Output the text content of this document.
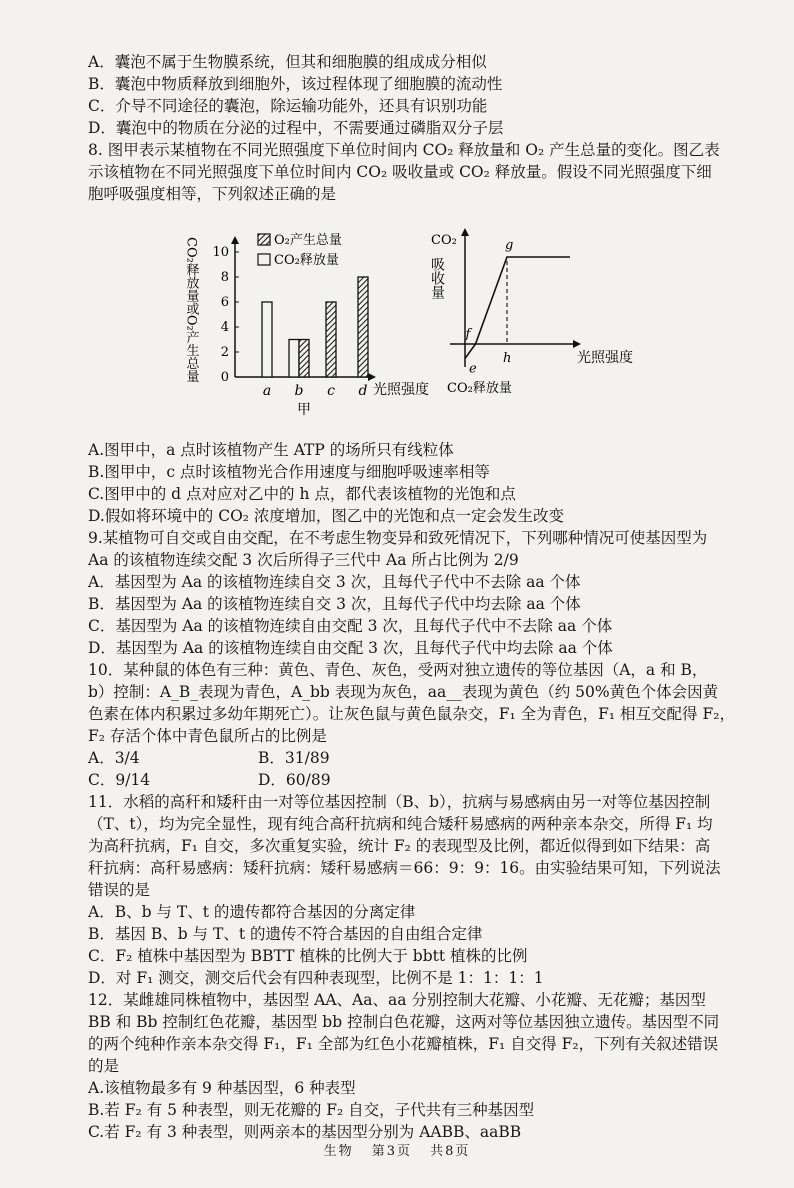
A．囊泡不属于生物膜系统，但其和细胞膜的组成成分相似
B．囊泡中物质释放到细胞外，该过程体现了细胞膜的流动性
C．介导不同途径的囊泡，除运输功能外，还具有识别功能
D．囊泡中的物质在分泌的过程中，不需要通过磷脂双分子层
8. 图甲表示某植物在不同光照强度下单位时间内 CO₂ 释放量和 O₂ 产生总量的变化。图乙表
示该植物在不同光照强度下单位时间内 CO₂ 吸收量或 CO₂ 释放量。假设不同光照强度下细
胞呼吸强度相等，下列叙述正确的是
CO₂释放量或O₂产生总量 0
2
4
6
8
10
a b c d 光照强度
甲
O₂产生总量
CO₂释放量
CO₂
吸收量
e
f
g
h	光照强度
CO₂释放量
A.图甲中，a 点时该植物产生 ATP 的场所只有线粒体
B.图甲中，c 点时该植物光合作用速度与细胞呼吸速率相等
C.图甲中的 d 点对应对乙中的 h 点，都代表该植物的光饱和点
D.假如将环境中的 CO₂ 浓度增加，图乙中的光饱和点一定会发生改变
9.某植物可自交或自由交配，在不考虑生物变异和致死情况下，下列哪种情况可使基因型为
Aa 的该植物连续交配 3 次后所得子三代中 Aa 所占比例为 2/9
A．基因型为 Aa 的该植物连续自交 3 次，且每代子代中不去除 aa 个体
B．基因型为 Aa 的该植物连续自交 3 次，且每代子代中均去除 aa 个体
C．基因型为 Aa 的该植物连续自由交配 3 次，且每代子代中不去除 aa 个体
D．基因型为 Aa 的该植物连续自由交配 3 次，且每代子代中均去除 aa 个体
10．某种鼠的体色有三种：黄色、青色、灰色，受两对独立遗传的等位基因（A，a 和 B，
b）控制：A_B_表现为青色，A_bb 表现为灰色，aa__表现为黄色（约 50%黄色个体会因黄
色素在体内积累过多幼年期死亡）。让灰色鼠与黄色鼠杂交，F₁ 全为青色，F₁ 相互交配得 F₂，
F₂ 存活个体中青色鼠所占的比例是
A．3/4	B．31/89
C．9/14	D．60/89
11．水稻的高秆和矮秆由一对等位基因控制（B、b），抗病与易感病由另一对等位基因控制
（T、t），均为完全显性，现有纯合高秆抗病和纯合矮秆易感病的两种亲本杂交，所得 F₁ 均
为高秆抗病，F₁ 自交，多次重复实验，统计 F₂ 的表现型及比例，都近似得到如下结果：高
秆抗病：高秆易感病：矮秆抗病：矮秆易感病＝66：9：9：16。由实验结果可知，下列说法
错误的是
A．B、b 与 T、t 的遗传都符合基因的分离定律
B．基因 B、b 与 T、t 的遗传不符合基因的自由组合定律
C．F₂ 植株中基因型为 BBTT 植株的比例大于 bbtt 植株的比例
D．对 F₁ 测交，测交后代会有四种表现型，比例不是 1：1：1：1
12．某雌雄同株植物中，基因型 AA、Aa、aa 分别控制大花瓣、小花瓣、无花瓣；基因型
BB 和 Bb 控制红色花瓣，基因型 bb 控制白色花瓣，这两对等位基因独立遗传。基因型不同
的两个纯种作亲本杂交得 F₁，F₁ 全部为红色小花瓣植株，F₁ 自交得 F₂，下列有关叙述错误
的是
A.该植物最多有 9 种基因型，6 种表型
B.若 F₂ 有 5 种表型，则无花瓣的 F₂ 自交，子代共有三种基因型
C.若 F₂ 有 3 种表型，则两亲本的基因型分别为 AABB、aaBB
生物 第3页 共8页
